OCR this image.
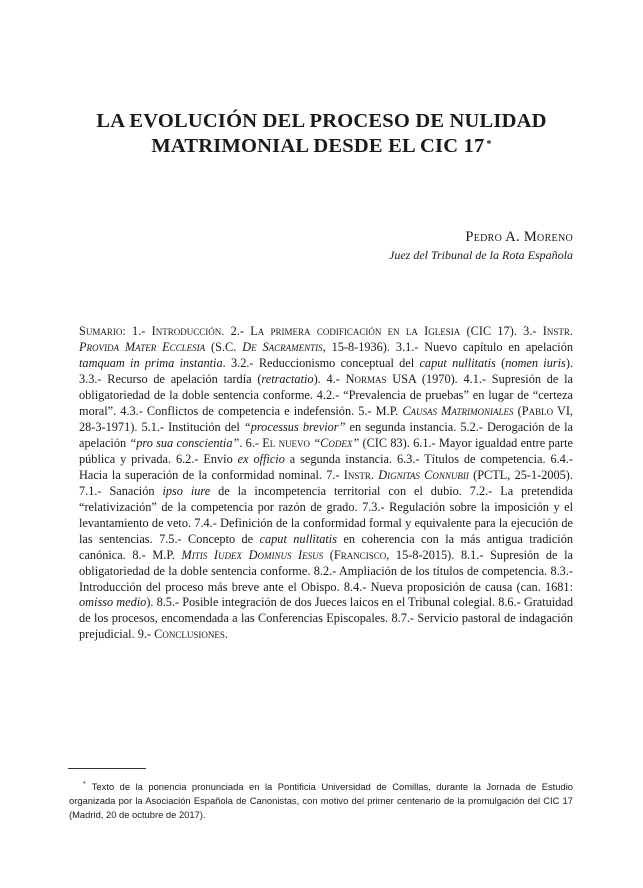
LA EVOLUCIÓN DEL PROCESO DE NULIDAD
MATRIMONIAL DESDE EL CIC 17 *
Pedro A. Moreno
Juez del Tribunal de la Rota Española
Sumario: 1.- Introducción. 2.- La primera codificación en la Iglesia (CIC 17). 3.- Instr. Provida Mater Ecclesia (S.C. De Sacramentis, 15-8-1936). 3.1.- Nuevo capítulo en apelación tamquam in prima instantia. 3.2.- Reduccionismo conceptual del caput nullitatis (nomen iuris). 3.3.- Recurso de apelación tardía (retractatio). 4.- Normas USA (1970). 4.1.- Supresión de la obligatoriedad de la doble sentencia conforme. 4.2.- “Prevalencia de pruebas” en lugar de “certeza moral”. 4.3.- Conflictos de competencia e indefensión. 5.- M.P. Causas Matrimoniales (Pablo VI, 28-3-1971). 5.1.- Institución del “processus brevior” en segunda instancia. 5.2.- Derogación de la apelación “pro sua conscientia”. 6.- El nuevo “Codex” (CIC 83). 6.1.- Mayor igualdad entre parte pública y privada. 6.2.- Envío ex officio a segunda instancia. 6.3.- Títulos de competencia. 6.4.- Hacia la superación de la conformidad nominal. 7.- Instr. Dignitas Connubii (PCTL, 25-1-2005). 7.1.- Sanación ipso iure de la incompetencia territorial con el dubio. 7.2.- La pretendida “relativización” de la competencia por razón de grado. 7.3.- Regulación sobre la imposición y el levantamiento de veto. 7.4.- Definición de la conformidad formal y equivalente para la ejecución de las sentencias. 7.5.- Concepto de caput nullitatis en coherencia con la más antigua tradición canónica. 8.- M.P. Mitis Iudex Dominus Iesus (Francisco, 15-8-2015). 8.1.- Supresión de la obligatoriedad de la doble sentencia conforme. 8.2.- Ampliación de los títulos de competencia. 8.3.- Introducción del proceso más breve ante el Obispo. 8.4.- Nueva proposición de causa (can. 1681: omisso medio). 8.5.- Posible integración de dos Jueces laicos en el Tribunal colegial. 8.6.- Gratuidad de los procesos, encomendada a las Conferencias Episcopales. 8.7.- Servicio pastoral de indagación prejudicial. 9.- Conclusiones.
* Texto de la ponencia pronunciada en la Pontificia Universidad de Comillas, durante la Jornada de Estudio organizada por la Asociación Española de Canonistas, con motivo del primer centenario de la promulgación del CIC 17 (Madrid, 20 de octubre de 2017).
